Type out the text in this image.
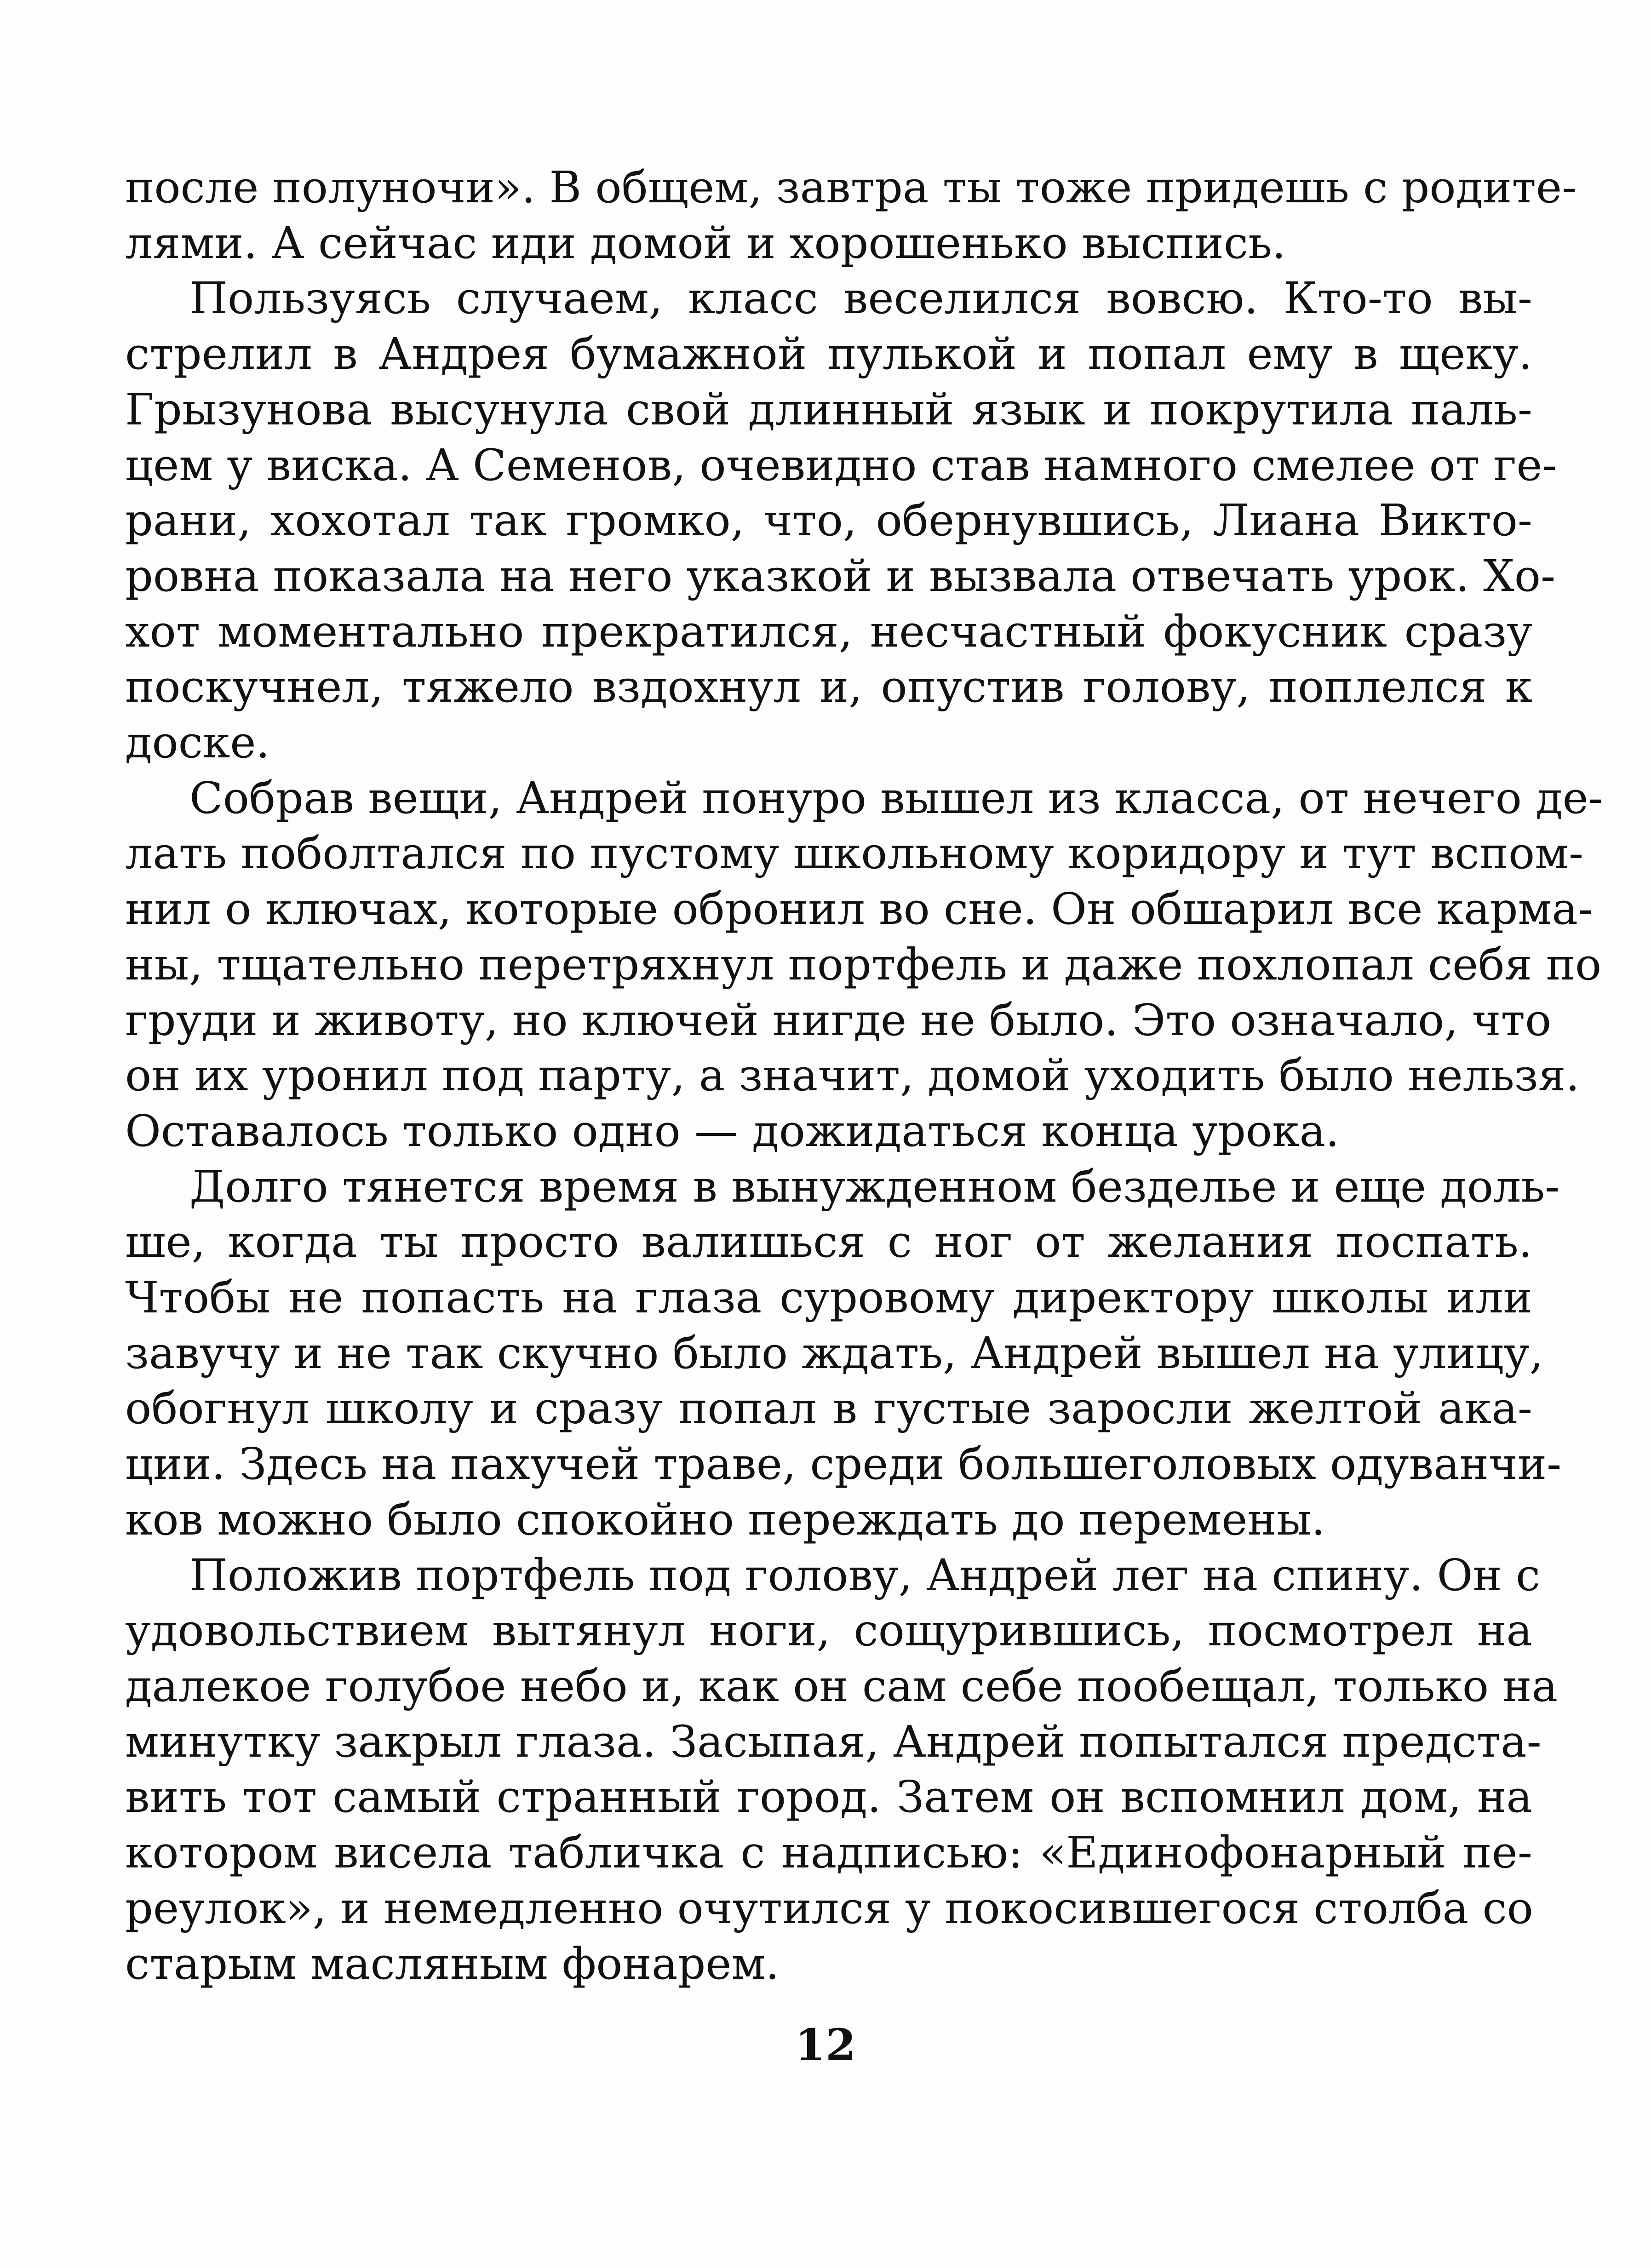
после полуночи». В общем, завтра ты тоже придешь с родите-
лями. А сейчас иди домой и хорошенько выспись.

Пользуясь случаем, класс веселился вовсю. Кто-то вы-
стрелил в Андрея бумажной пулькой и попал ему в щеку.
Грызунова высунула свой длинный язык и покрутила паль-
цем у виска. А Семенов, очевидно став намного смелее от ге-
рани, хохотал так громко, что, обернувшись, Лиана Викто-
ровна показала на него указкой и вызвала отвечать урок. Хо-
хот моментально прекратился, несчастный фокусник сразу
поскучнел, тяжело вздохнул и, опустив голову, поплелся к
доске.

Собрав вещи, Андрей понуро вышел из класса, от нечего де-
лать поболтался по пустому школьному коридору и тут вспом-
нил о ключах, которые обронил во сне. Он обшарил все карма-
ны, тщательно перетряхнул портфель и даже похлопал себя по
груди и животу, но ключей нигде не было. Это означало, что
он их уронил под парту, а значит, домой уходить было нельзя.
Оставалось только одно — дожидаться конца урока.

Долго тянется время в вынужденном безделье и еще доль-
ше, когда ты просто валишься с ног от желания поспать.
Чтобы не попасть на глаза суровому директору школы или
завучу и не так скучно было ждать, Андрей вышел на улицу,
обогнул школу и сразу попал в густые заросли желтой ака-
ции. Здесь на пахучей траве, среди большеголовых одуванчи-
ков можно было спокойно переждать до перемены.

Положив портфель под голову, Андрей лег на спину. Он с
удовольствием вытянул ноги, сощурившись, посмотрел на
далекое голубое небо и, как он сам себе пообещал, только на
минутку закрыл глаза. Засыпая, Андрей попытался предста-
вить тот самый странный город. Затем он вспомнил дом, на
котором висела табличка с надписью: «Единофонарный пе-
реулок», и немедленно очутился у покосившегося столба со
старым масляным фонарем.

12
